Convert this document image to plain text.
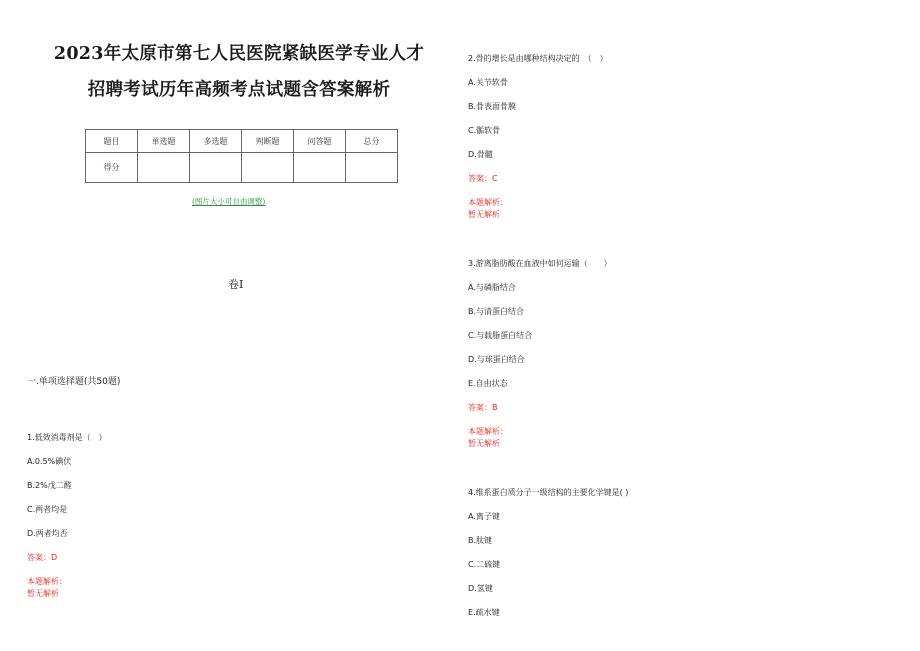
2023年太原市第七人民医院紧缺医学专业人才
招聘考试历年高频考点试题含答案解析
题目	单选题	多选题	判断题	问答题	总分
得分					
(图片大小可自由调整)
卷Ⅰ
一.单项选择题(共50题)
1.低效消毒剂是（　）
A.0.5%碘伏
B.2%戊二醛
C.两者均是
D.两者均否
答案：D
本题解析：
暂无解析
2.骨的增长是由哪种结构决定的　（　）
A.关节软骨
B.骨表面骨膜
C.骺软骨
D.骨髓
答案：C
本题解析：
暂无解析
3.游离脂肪酸在血液中如何运输（　　）
A.与磷脂结合
B.与清蛋白结合
C.与载脂蛋白结合
D.与球蛋白结合
E.自由状态
答案：B
本题解析：
暂无解析
4.维系蛋白质分子一级结构的主要化学键是( )
A.离子键
B.肽键
C.二硫键
D.氢键
E.疏水键
